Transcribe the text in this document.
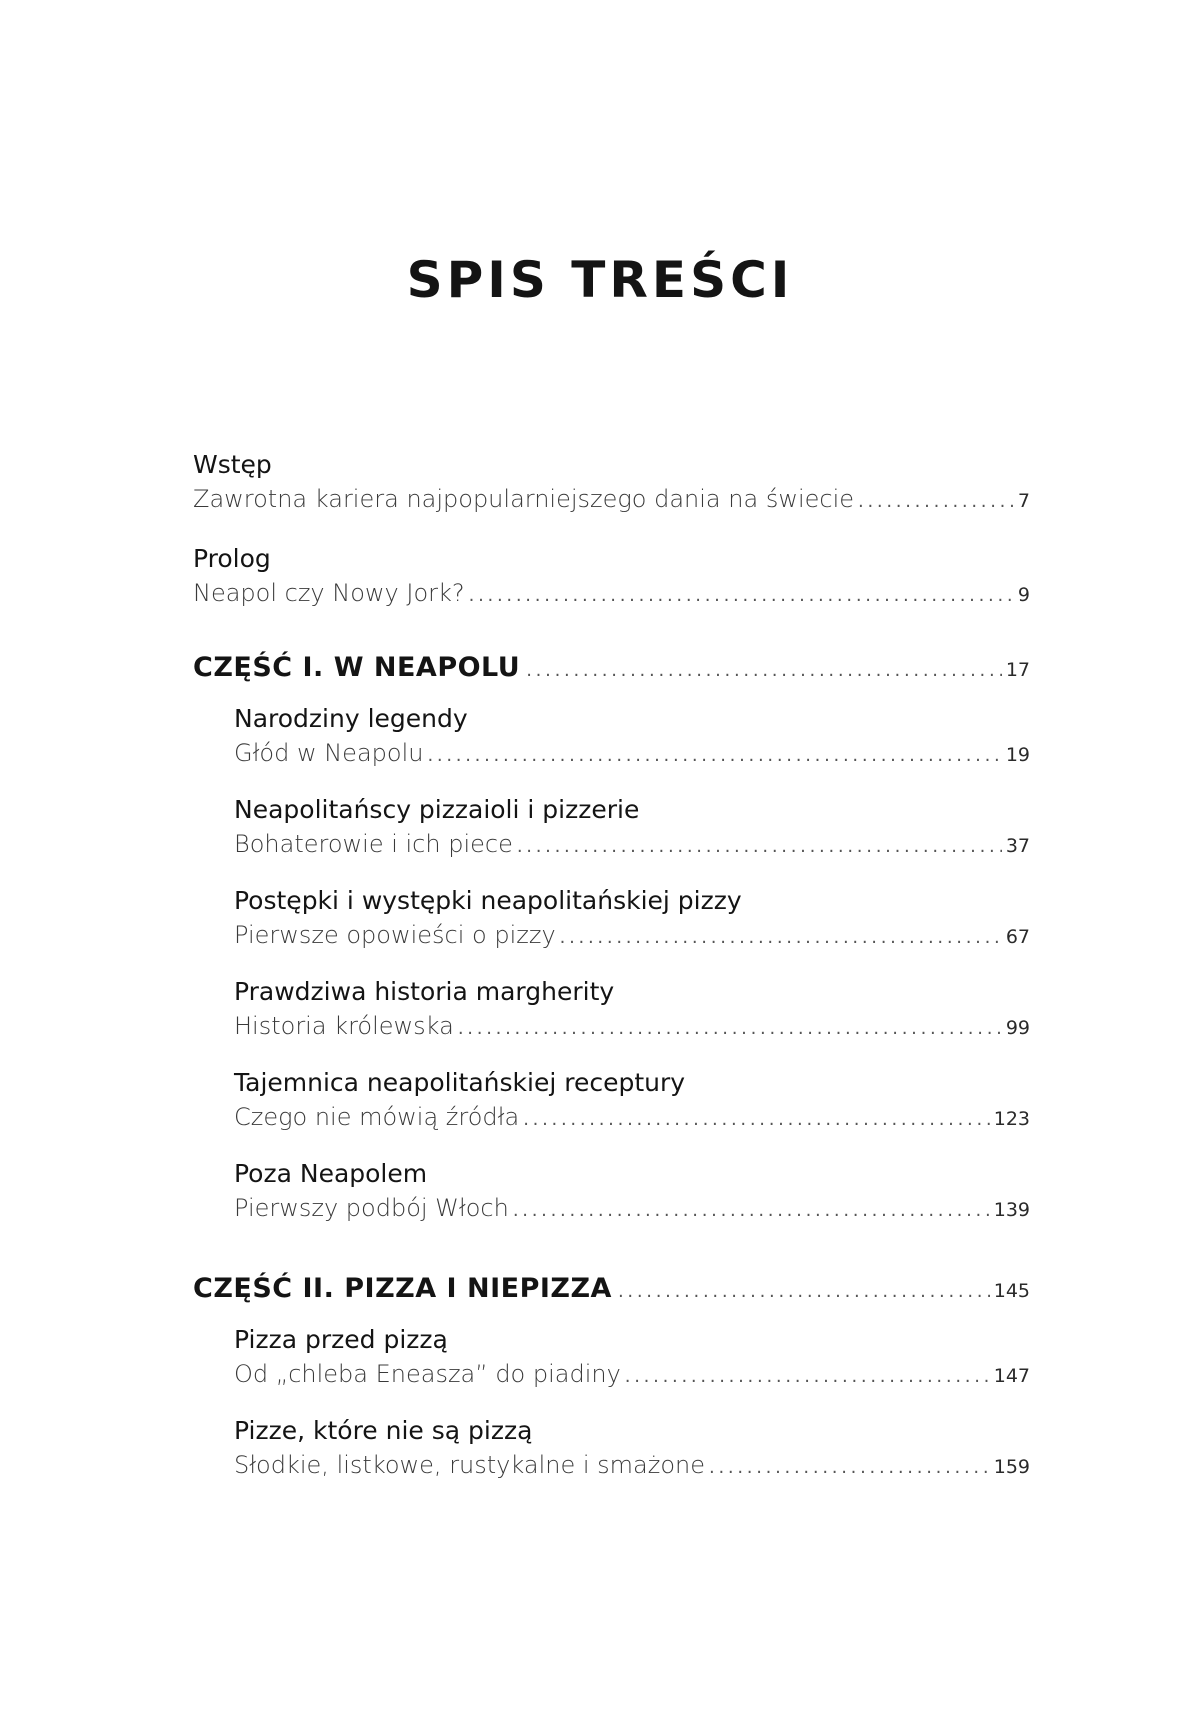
SPIS TREŚCI
Wstęp
Zawrotna kariera najpopularniejszego dania na świecie . . .	7
Prolog
Neapol czy Nowy Jork? . . .	9
CZĘŚĆ I. W NEAPOLU . . .	17
Narodziny legendy
Głód w Neapolu . . .	19
Neapolitańscy pizzaioli i pizzerie
Bohaterowie i ich piece . . .	37
Postępki i występki neapolitańskiej pizzy
Pierwsze opowieści o pizzy . . .	67
Prawdziwa historia margherity
Historia królewska . . .	99
Tajemnica neapolitańskiej receptury
Czego nie mówią źródła . . .	123
Poza Neapolem
Pierwszy podbój Włoch . . .	139
CZĘŚĆ II. PIZZA I NIEPIZZA . . .	145
Pizza przed pizzą
Od „chleba Eneasza” do piadiny . . .	147
Pizze, które nie są pizzą
Słodkie, listkowe, rustykalne i smażone . . .	159
